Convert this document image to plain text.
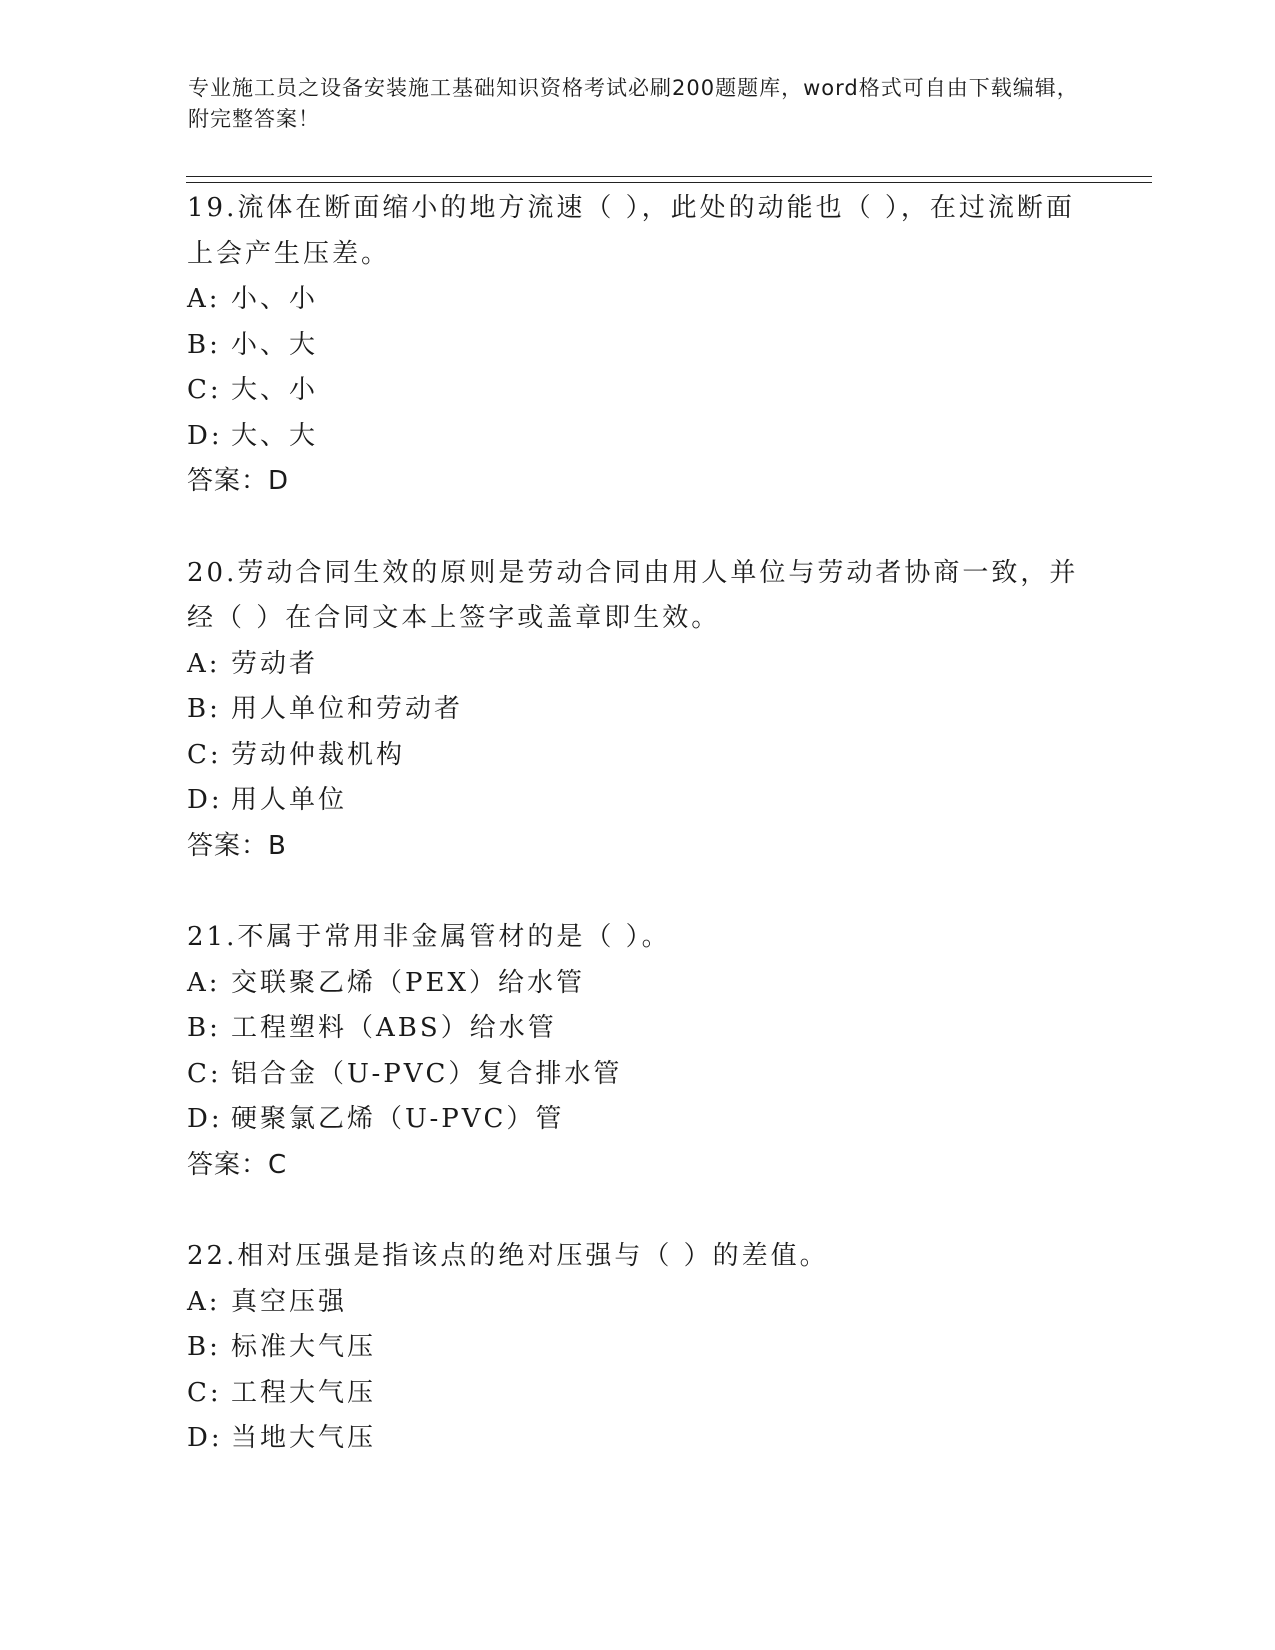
专业施工员之设备安装施工基础知识资格考试必刷200题题库，word格式可自由下载编辑，附完整答案！
19.流体在断面缩小的地方流速（ ），此处的动能也（ ），在过流断面上会产生压差。
A: 小、小
B: 小、大
C: 大、小
D: 大、大
答案：D
20.劳动合同生效的原则是劳动合同由用人单位与劳动者协商一致，并经（ ）在合同文本上签字或盖章即生效。
A: 劳动者
B: 用人单位和劳动者
C: 劳动仲裁机构
D: 用人单位
答案：B
21.不属于常用非金属管材的是（ ）。
A: 交联聚乙烯（PEX）给水管
B: 工程塑料（ABS）给水管
C: 铝合金（U-PVC）复合排水管
D: 硬聚氯乙烯（U-PVC）管
答案：C
22.相对压强是指该点的绝对压强与（ ）的差值。
A: 真空压强
B: 标准大气压
C: 工程大气压
D: 当地大气压
